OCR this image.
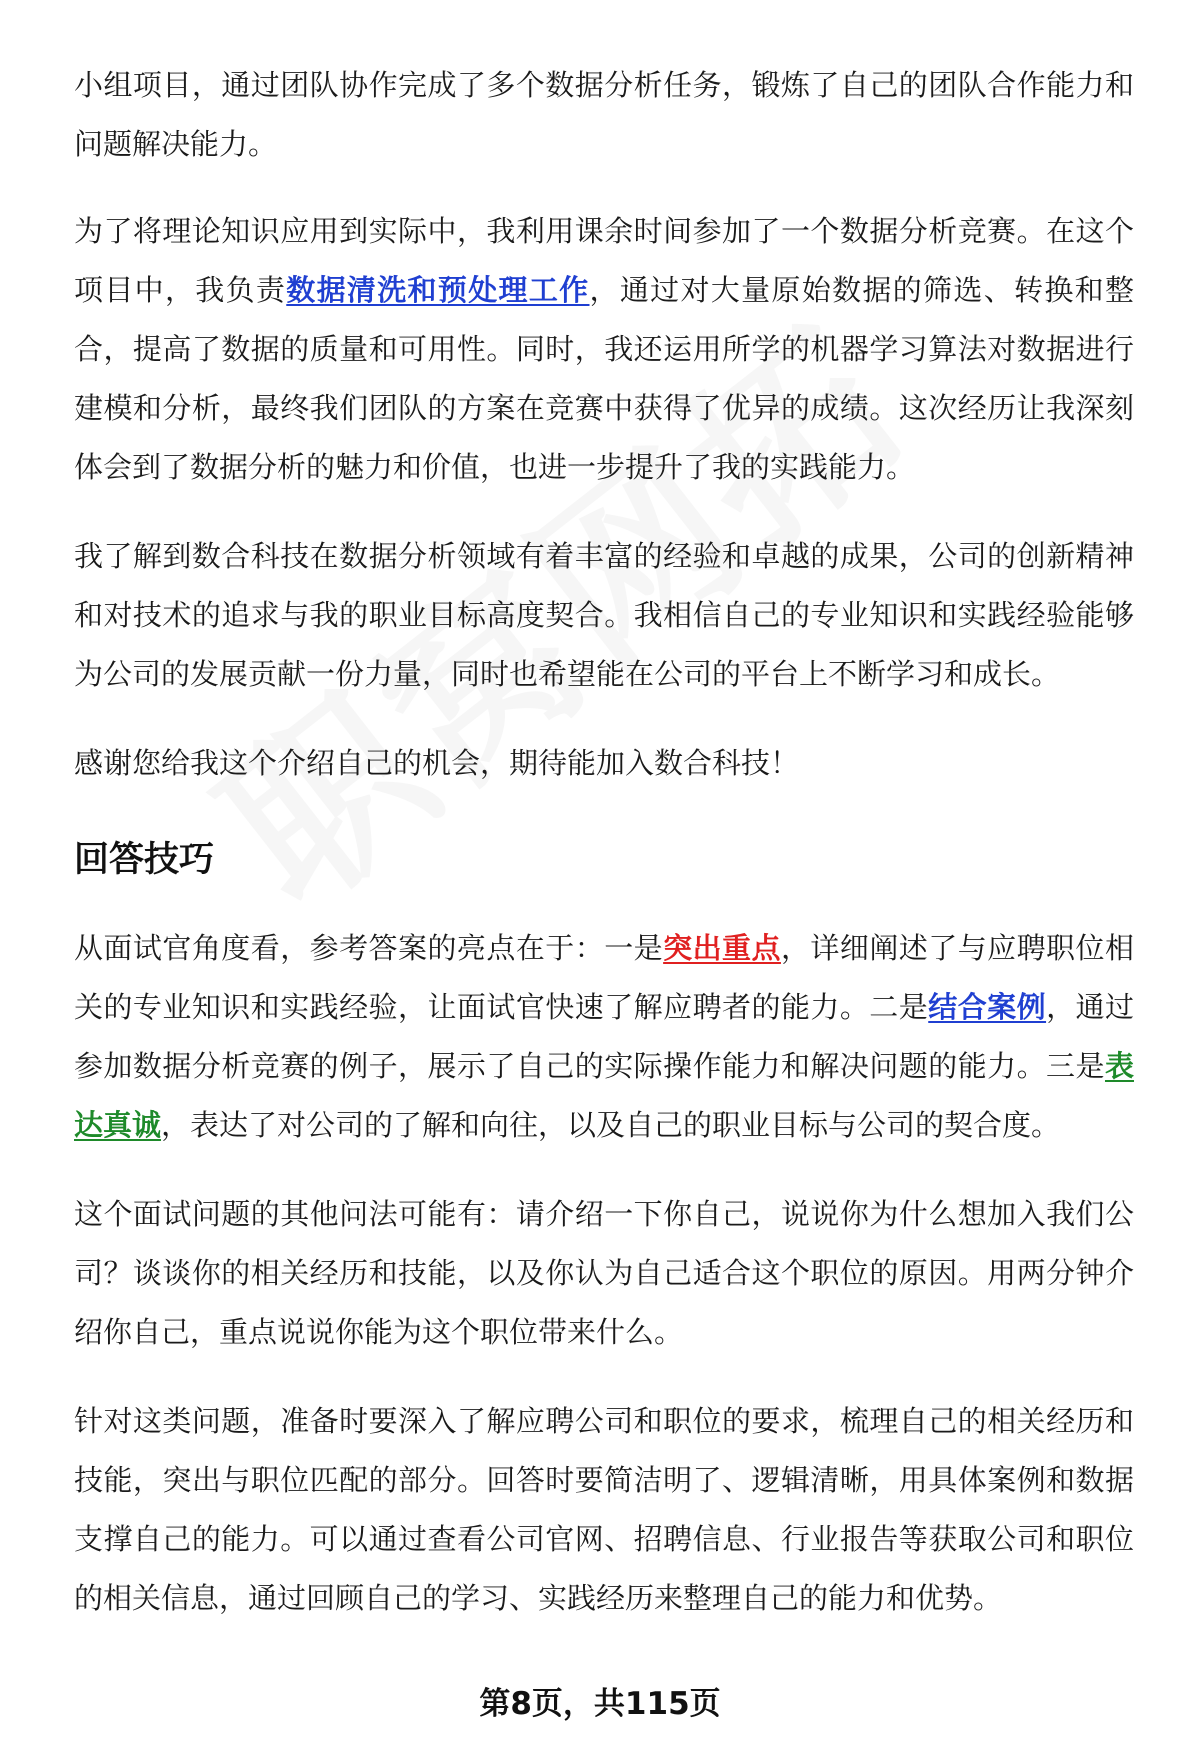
小组项目，通过团队协作完成了多个数据分析任务，锻炼了自己的团队合作能力和问题解决能力。

为了将理论知识应用到实际中，我利用课余时间参加了一个数据分析竞赛。在这个项目中，我负责数据清洗和预处理工作，通过对大量原始数据的筛选、转换和整合，提高了数据的质量和可用性。同时，我还运用所学的机器学习算法对数据进行建模和分析，最终我们团队的方案在竞赛中获得了优异的成绩。这次经历让我深刻体会到了数据分析的魅力和价值，也进一步提升了我的实践能力。

我了解到数合科技在数据分析领域有着丰富的经验和卓越的成果，公司的创新精神和对技术的追求与我的职业目标高度契合。我相信自己的专业知识和实践经验能够为公司的发展贡献一份力量，同时也希望能在公司的平台上不断学习和成长。

感谢您给我这个介绍自己的机会，期待能加入数合科技！

回答技巧

从面试官角度看，参考答案的亮点在于：一是突出重点，详细阐述了与应聘职位相关的专业知识和实践经验，让面试官快速了解应聘者的能力。二是结合案例，通过参加数据分析竞赛的例子，展示了自己的实际操作能力和解决问题的能力。三是表达真诚，表达了对公司的了解和向往，以及自己的职业目标与公司的契合度。

这个面试问题的其他问法可能有：请介绍一下你自己，说说你为什么想加入我们公司？谈谈你的相关经历和技能，以及你认为自己适合这个职位的原因。用两分钟介绍你自己，重点说说你能为这个职位带来什么。

针对这类问题，准备时要深入了解应聘公司和职位的要求，梳理自己的相关经历和技能，突出与职位匹配的部分。回答时要简洁明了、逻辑清晰，用具体案例和数据支撑自己的能力。可以通过查看公司官网、招聘信息、行业报告等获取公司和职位的相关信息，通过回顾自己的学习、实践经历来整理自己的能力和优势。

第8页，共115页
